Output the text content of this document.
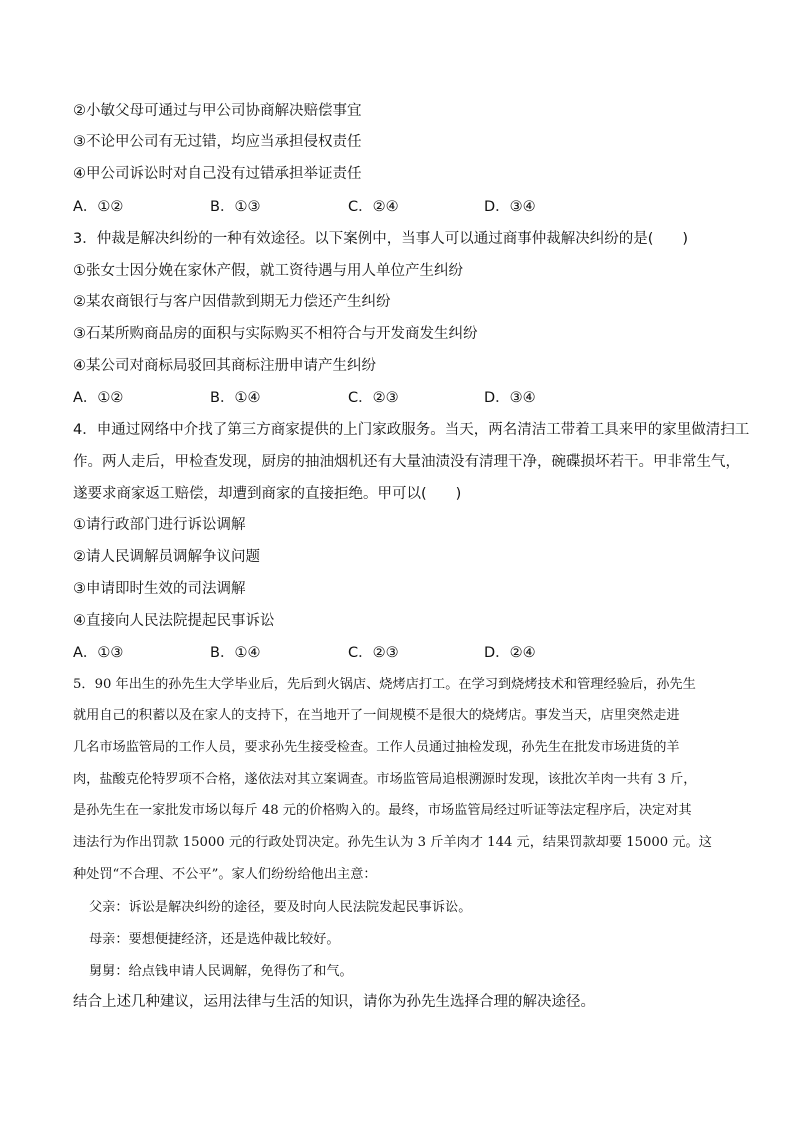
②小敏父母可通过与甲公司协商解决赔偿事宜
③不论甲公司有无过错，均应当承担侵权责任
④甲公司诉讼时对自己没有过错承担举证责任
A．①②	B．①③	C．②④	D．③④
3．仲裁是解决纠纷的一种有效途径。以下案例中，当事人可以通过商事仲裁解决纠纷的是(　　)
①张女士因分娩在家休产假，就工资待遇与用人单位产生纠纷
②某农商银行与客户因借款到期无力偿还产生纠纷
③石某所购商品房的面积与实际购买不相符合与开发商发生纠纷
④某公司对商标局驳回其商标注册申请产生纠纷
A．①②	B．①④	C．②③	D．③④
4．申通过网络中介找了第三方商家提供的上门家政服务。当天，两名清洁工带着工具来甲的家里做清扫工
作。两人走后，甲检查发现，厨房的抽油烟机还有大量油渍没有清理干净，碗碟损坏若干。甲非常生气，
遂要求商家返工赔偿，却遭到商家的直接拒绝。甲可以(　　)
①请行政部门进行诉讼调解
②请人民调解员调解争议问题
③申请即时生效的司法调解
④直接向人民法院提起民事诉讼
A．①③	B．①④	C．②③	D．②④
5．90 年出生的孙先生大学毕业后，先后到火锅店、烧烤店打工。在学习到烧烤技术和管理经验后，孙先生
就用自己的积蓄以及在家人的支持下，在当地开了一间规模不是很大的烧烤店。事发当天，店里突然走进
几名市场监管局的工作人员，要求孙先生接受检查。工作人员通过抽检发现，孙先生在批发市场进货的羊
肉，盐酸克伦特罗项不合格，遂依法对其立案调查。市场监管局追根溯源时发现，该批次羊肉一共有 3 斤，
是孙先生在一家批发市场以每斤 48 元的价格购入的。最终，市场监管局经过听证等法定程序后，决定对其
违法行为作出罚款 15000 元的行政处罚决定。孙先生认为 3 斤羊肉才 144 元，结果罚款却要 15000 元。这
种处罚“不合理、不公平”。家人们纷纷给他出主意：
父亲：诉讼是解决纠纷的途径，要及时向人民法院发起民事诉讼。
母亲：要想便捷经济，还是选仲裁比较好。
舅舅：给点钱申请人民调解，免得伤了和气。
结合上述几种建议，运用法律与生活的知识，请你为孙先生选择合理的解决途径。
